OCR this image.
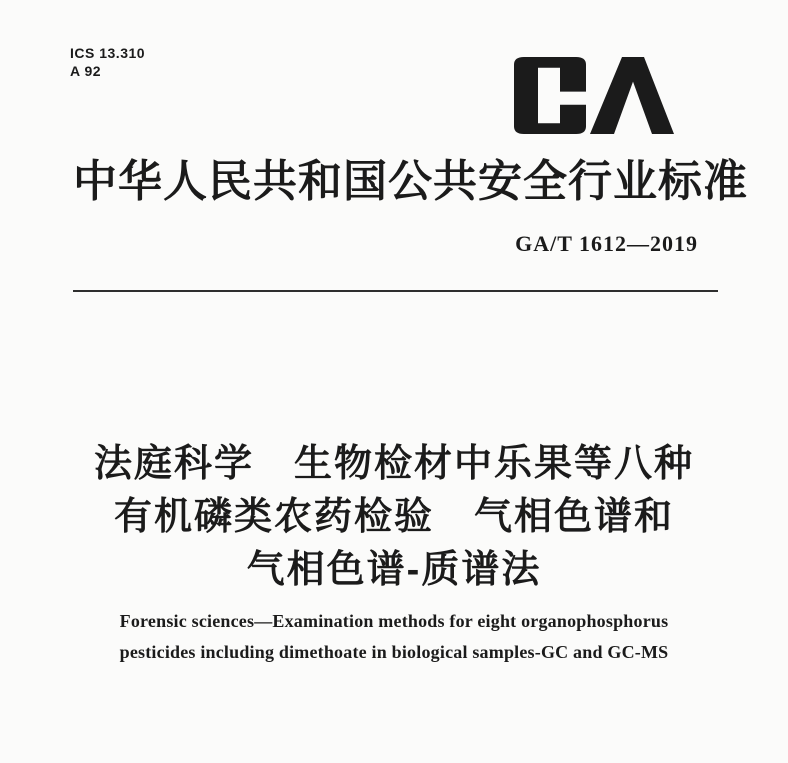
ICS 13.310
A 92
中华人民共和国公共安全行业标准
GA/T 1612—2019
法庭科学　生物检材中乐果等八种
有机磷类农药检验　气相色谱和
气相色谱-质谱法
Forensic sciences—Examination methods for eight organophosphorus
pesticides including dimethoate in biological samples-GC and GC-MS
